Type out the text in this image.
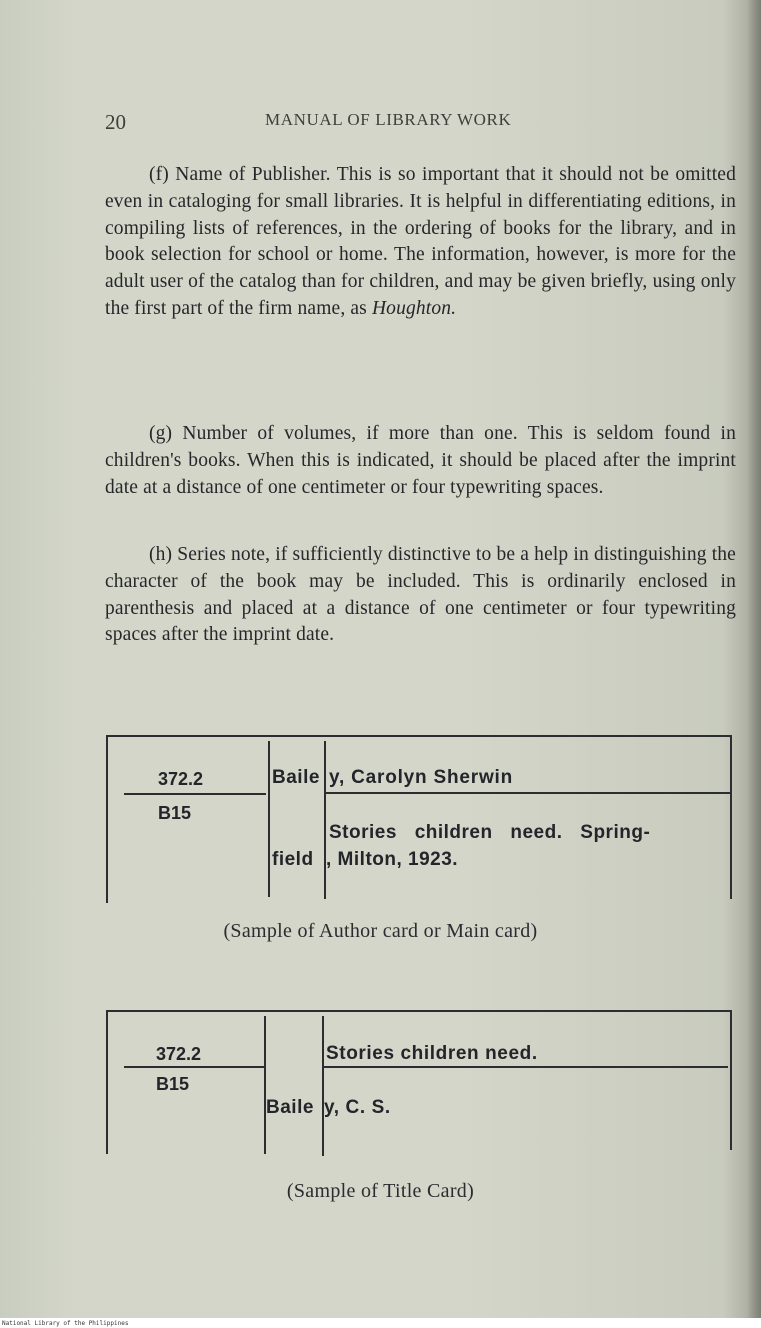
20	MANUAL OF LIBRARY WORK

(f) Name of Publisher. This is so important that it should not be omitted even in cataloging for small libraries. It is helpful in differentiating editions, in compiling lists of references, in the ordering of books for the library, and in book selection for school or home. The information, however, is more for the adult user of the catalog than for children, and may be given briefly, using only the first part of the firm name, as Houghton.

(g) Number of volumes, if more than one. This is seldom found in children's books. When this is indicated, it should be placed after the imprint date at a distance of one centimeter or four typewriting spaces.

(h) Series note, if sufficiently distinctive to be a help in distinguishing the character of the book may be included. This is ordinarily enclosed in parenthesis and placed at a distance of one centimeter or four typewriting spaces after the imprint date.

372.2
B15
Baile y, Carolyn Sherwin
Stories children need. Spring-
field , Milton, 1923.
(Sample of Author card or Main card)
372.2
B15
Stories children need.
Baile y, C. S.
(Sample of Title Card)
National Library of the Philippines
